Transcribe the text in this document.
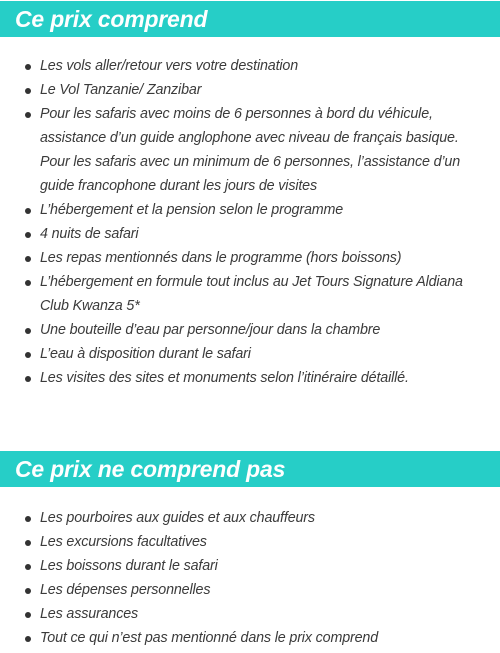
Ce prix comprend
Les vols aller/retour vers votre destination
Le Vol Tanzanie/ Zanzibar
Pour les safaris avec moins de 6 personnes à bord du véhicule, assistance d’un guide anglophone avec niveau de français basique. Pour les safaris avec un minimum de 6 personnes, l’assistance d’un guide francophone durant les jours de visites
L’hébergement et la pension selon le programme
4 nuits de safari
Les repas mentionnés dans le programme (hors boissons)
L’hébergement en formule tout inclus au Jet Tours Signature Aldiana Club Kwanza 5*
Une bouteille d’eau par personne/jour dans la chambre
L’eau à disposition durant le safari
Les visites des sites et monuments selon l’itinéraire détaillé.
Ce prix ne comprend pas
Les pourboires aux guides et aux chauffeurs
Les excursions facultatives
Les boissons durant le safari
Les dépenses personnelles
Les assurances
Tout ce qui n’est pas mentionné dans le prix comprend
